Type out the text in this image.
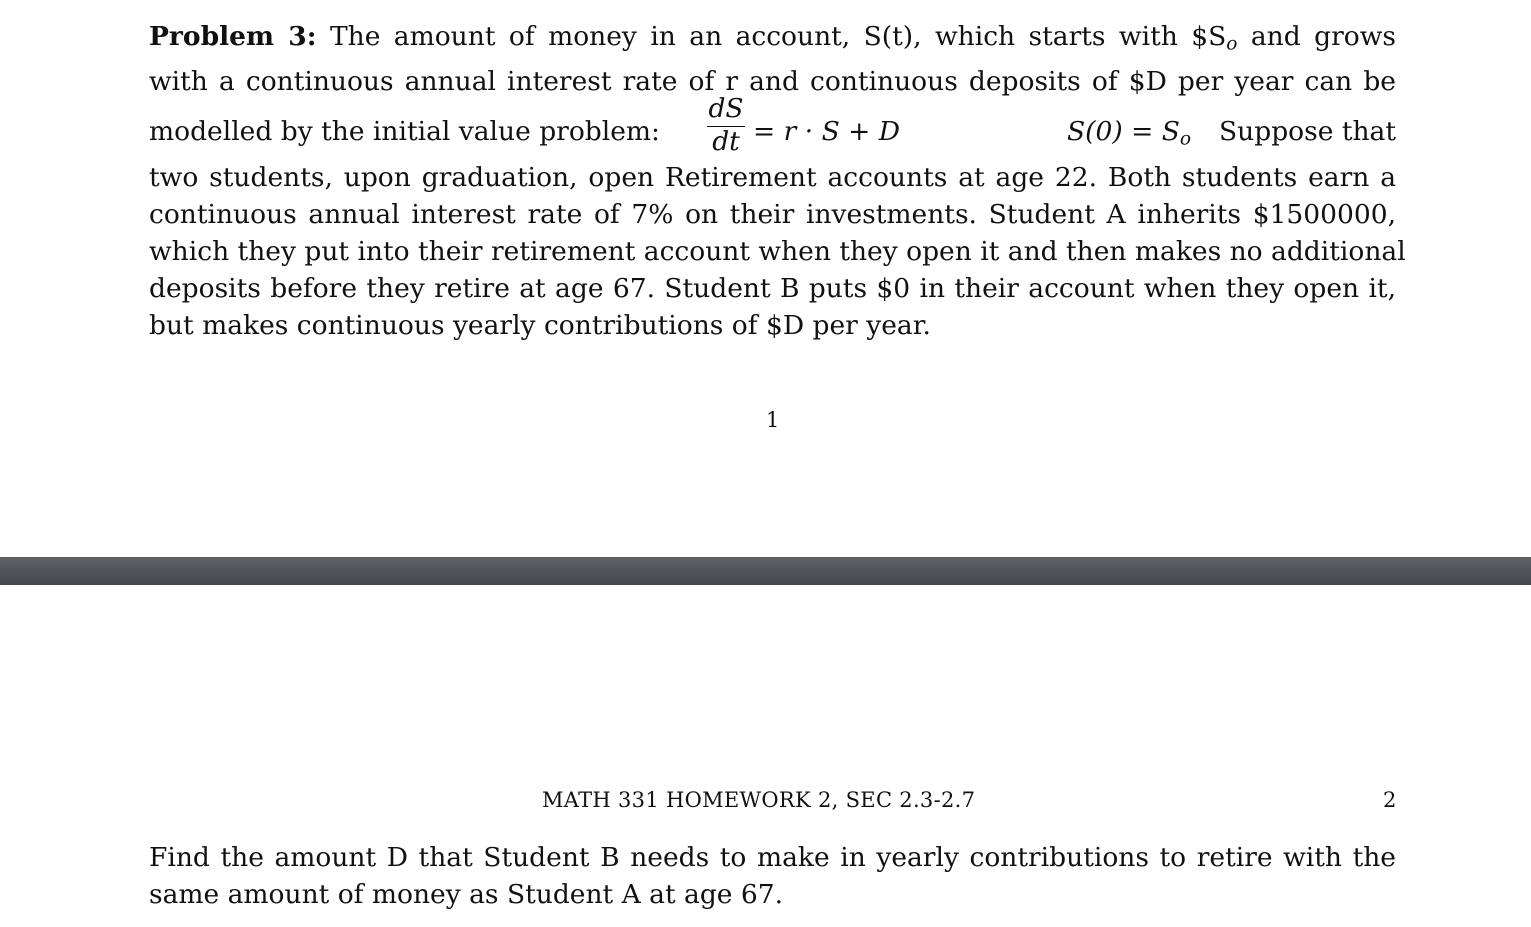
Problem 3: The amount of money in an account, S(t), which starts with $\$S_o$ and grows
with a continuous annual interest rate of r and continuous deposits of $D per year can be
modelled by the initial value problem: $\frac{dS}{dt} = r \cdot S + D$	$S(0) = S_o$ Suppose that
two students, upon graduation, open Retirement accounts at age 22. Both students earn a
continuous annual interest rate of 7% on their investments. Student A inherits $1500000,
which they put into their retirement account when they open it and then makes no additional
deposits before they retire at age 67. Student B puts $0 in their account when they open it,
but makes continuous yearly contributions of $D per year.
1
MATH 331 HOMEWORK 2, SEC 2.3-2.7	2
Find the amount D that Student B needs to make in yearly contributions to retire with the
same amount of money as Student A at age 67.
